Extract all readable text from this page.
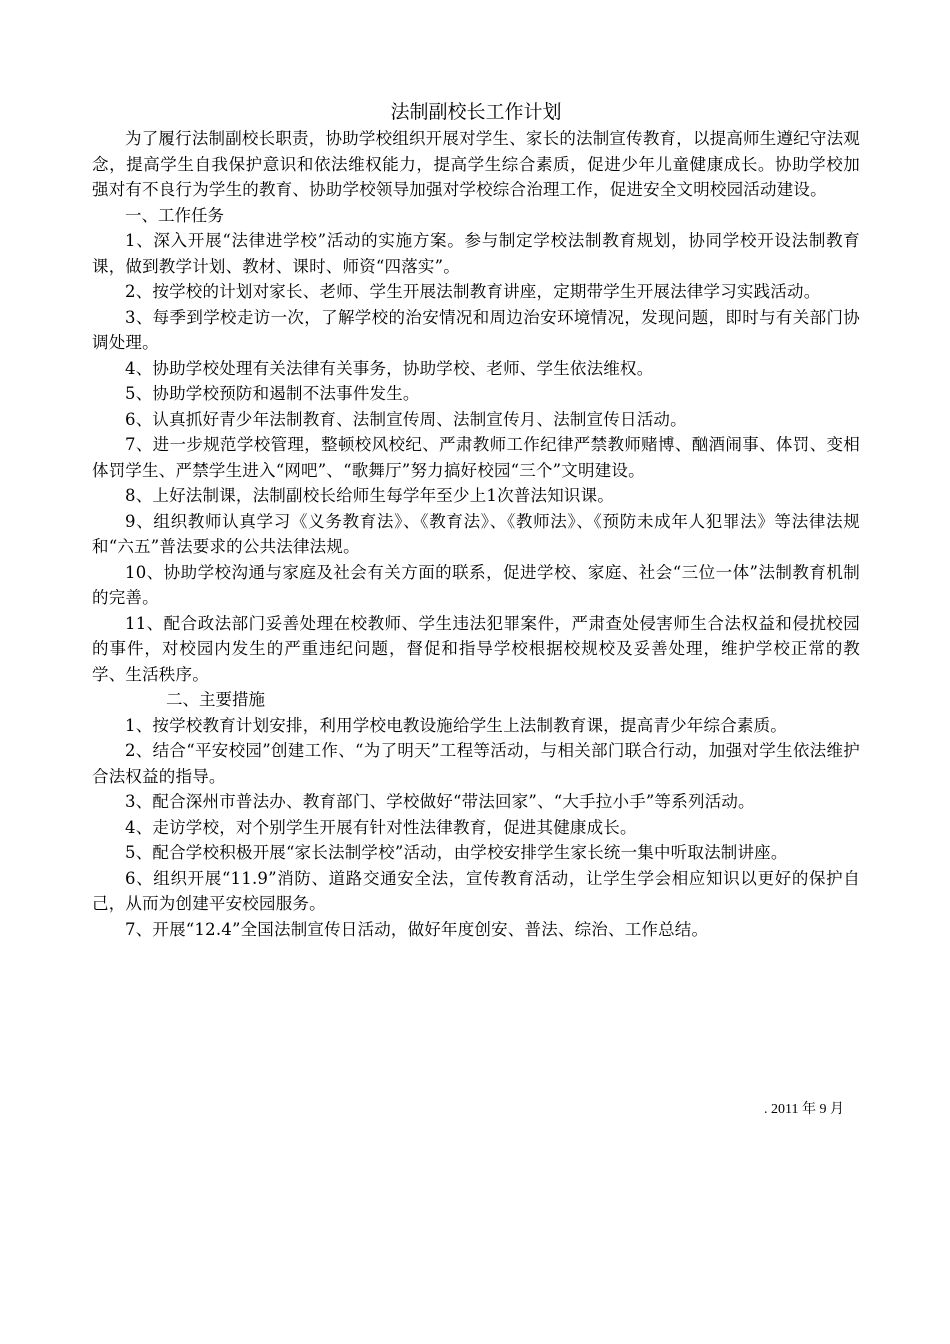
法制副校长工作计划

为了履行法制副校长职责，协助学校组织开展对学生、家长的法制宣传教育，以提高师生遵纪守法观念，提高学生自我保护意识和依法维权能力，提高学生综合素质，促进少年儿童健康成长。协助学校加强对有不良行为学生的教育、协助学校领导加强对学校综合治理工作，促进安全文明校园活动建设。

一、工作任务

1、深入开展“法律进学校”活动的实施方案。参与制定学校法制教育规划，协同学校开设法制教育课，做到教学计划、教材、课时、师资“四落实”。

2、按学校的计划对家长、老师、学生开展法制教育讲座，定期带学生开展法律学习实践活动。

3、每季到学校走访一次，了解学校的治安情况和周边治安环境情况，发现问题，即时与有关部门协调处理。

4、协助学校处理有关法律有关事务，协助学校、老师、学生依法维权。

5、协助学校预防和遏制不法事件发生。

6、认真抓好青少年法制教育、法制宣传周、法制宣传月、法制宣传日活动。

7、进一步规范学校管理，整顿校风校纪、严肃教师工作纪律严禁教师赌博、酗酒闹事、体罚、变相体罚学生、严禁学生进入“网吧”、“歌舞厅”努力搞好校园“三个”文明建设。

8、上好法制课，法制副校长给师生每学年至少上1次普法知识课。

9、组织教师认真学习《义务教育法》、《教育法》、《教师法》、《预防未成年人犯罪法》等法律法规和“六五”普法要求的公共法律法规。

10、协助学校沟通与家庭及社会有关方面的联系，促进学校、家庭、社会“三位一体”法制教育机制的完善。

11、配合政法部门妥善处理在校教师、学生违法犯罪案件，严肃查处侵害师生合法权益和侵扰校园的事件，对校园内发生的严重违纪问题，督促和指导学校根据校规校及妥善处理，维护学校正常的教学、生活秩序。

二、主要措施

1、按学校教育计划安排，利用学校电教设施给学生上法制教育课，提高青少年综合素质。

2、结合“平安校园”创建工作、“为了明天”工程等活动，与相关部门联合行动，加强对学生依法维护合法权益的指导。

3、配合深州市普法办、教育部门、学校做好“带法回家”、“大手拉小手”等系列活动。

4、走访学校，对个别学生开展有针对性法律教育，促进其健康成长。

5、配合学校积极开展“家长法制学校”活动，由学校安排学生家长统一集中听取法制讲座。

6、组织开展“11.9”消防、道路交通安全法，宣传教育活动，让学生学会相应知识以更好的保护自己，从而为创建平安校园服务。

7、开展“12.4”全国法制宣传日活动，做好年度创安、普法、综治、工作总结。

. 2011 年 9 月
